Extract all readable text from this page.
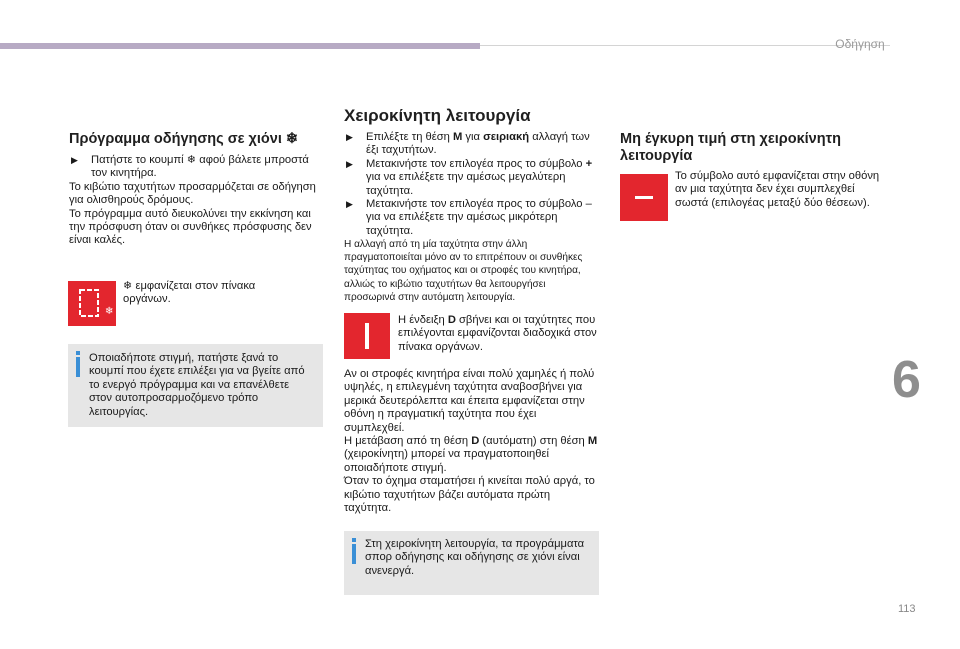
Οδήγηση
6
113
Πρόγραμμα οδήγησης σε χιόνι ❄

▶ Πατήστε το κουμπί ❄ αφού βάλετε μπροστά τον κινητήρα.

Το κιβώτιο ταχυτήτων προσαρμόζεται σε οδήγηση για ολισθηρούς δρόμους.

Το πρόγραμμα αυτό διευκολύνει την εκκίνηση και την πρόσφυση όταν οι συνθήκες πρόσφυσης δεν είναι καλές.

❄
❄ εμφανίζεται στον πίνακα οργάνων.
Οποιαδήποτε στιγμή, πατήστε ξανά το κουμπί που έχετε επιλέξει για να βγείτε από το ενεργό πρόγραμμα και να επανέλθετε στον αυτοπροσαρμοζόμενο τρόπο λειτουργίας.
Χειροκίνητη λειτουργία

▶ Επιλέξτε τη θέση M για σειριακή αλλαγή των έξι ταχυτήτων.

▶ Μετακινήστε τον επιλογέα προς το σύμβολο + για να επιλέξετε την αμέσως μεγαλύτερη ταχύτητα.

▶ Μετακινήστε τον επιλογέα προς το σύμβολο – για να επιλέξετε την αμέσως μικρότερη ταχύτητα.

Η αλλαγή από τη μία ταχύτητα στην άλλη πραγματοποιείται μόνο αν το επιτρέπουν οι συνθήκες ταχύτητας του οχήματος και οι στροφές του κινητήρα, αλλιώς το κιβώτιο ταχυτήτων θα λειτουργήσει προσωρινά στην αυτόματη λειτουργία.

Η ένδειξη D σβήνει και οι ταχύτητες που επιλέγονται εμφανίζονται διαδοχικά στον πίνακα οργάνων.

Αν οι στροφές κινητήρα είναι πολύ χαμηλές ή πολύ υψηλές, η επιλεγμένη ταχύτητα αναβοσβήνει για μερικά δευτερόλεπτα και έπειτα εμφανίζεται στην οθόνη η πραγματική ταχύτητα που έχει συμπλεχθεί.

Η μετάβαση από τη θέση D (αυτόματη) στη θέση M (χειροκίνητη) μπορεί να πραγματοποιηθεί οποιαδήποτε στιγμή.

Όταν το όχημα σταματήσει ή κινείται πολύ αργά, το κιβώτιο ταχυτήτων βάζει αυτόματα πρώτη ταχύτητα.

Στη χειροκίνητη λειτουργία, τα προγράμματα σπορ οδήγησης και οδήγησης σε χιόνι είναι ανενεργά.
Μη έγκυρη τιμή στη χειροκίνητη λειτουργία
Το σύμβολο αυτό εμφανίζεται στην οθόνη αν μια ταχύτητα δεν έχει συμπλεχθεί σωστά (επιλογέας μεταξύ δύο θέσεων).
